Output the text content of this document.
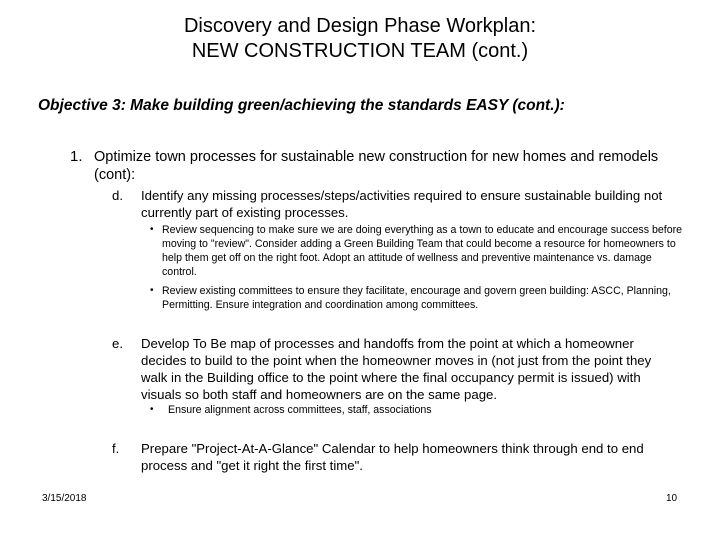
Discovery and Design Phase Workplan:
NEW CONSTRUCTION TEAM (cont.)
Objective 3: Make building green/achieving the standards EASY (cont.):
1. Optimize town processes for sustainable new construction for new homes and remodels (cont):
d. Identify any missing processes/steps/activities required to ensure sustainable building not currently part of existing processes.
• Review sequencing to make sure we are doing everything as a town to educate and encourage success before moving to "review". Consider adding a Green Building Team that could become a resource for homeowners to help them get off on the right foot. Adopt an attitude of wellness and preventive maintenance vs. damage control.
• Review existing committees to ensure they facilitate, encourage and govern green building: ASCC, Planning, Permitting. Ensure integration and coordination among committees.
e. Develop To Be map of processes and handoffs from the point at which a homeowner decides to build to the point when the homeowner moves in (not just from the point they walk in the Building office to the point where the final occupancy permit is issued) with visuals so both staff and homeowners are on the same page.
• Ensure alignment across committees, staff, associations
f. Prepare "Project-At-A-Glance" Calendar to help homeowners think through end to end process and "get it right the first time".
3/15/2018	10
